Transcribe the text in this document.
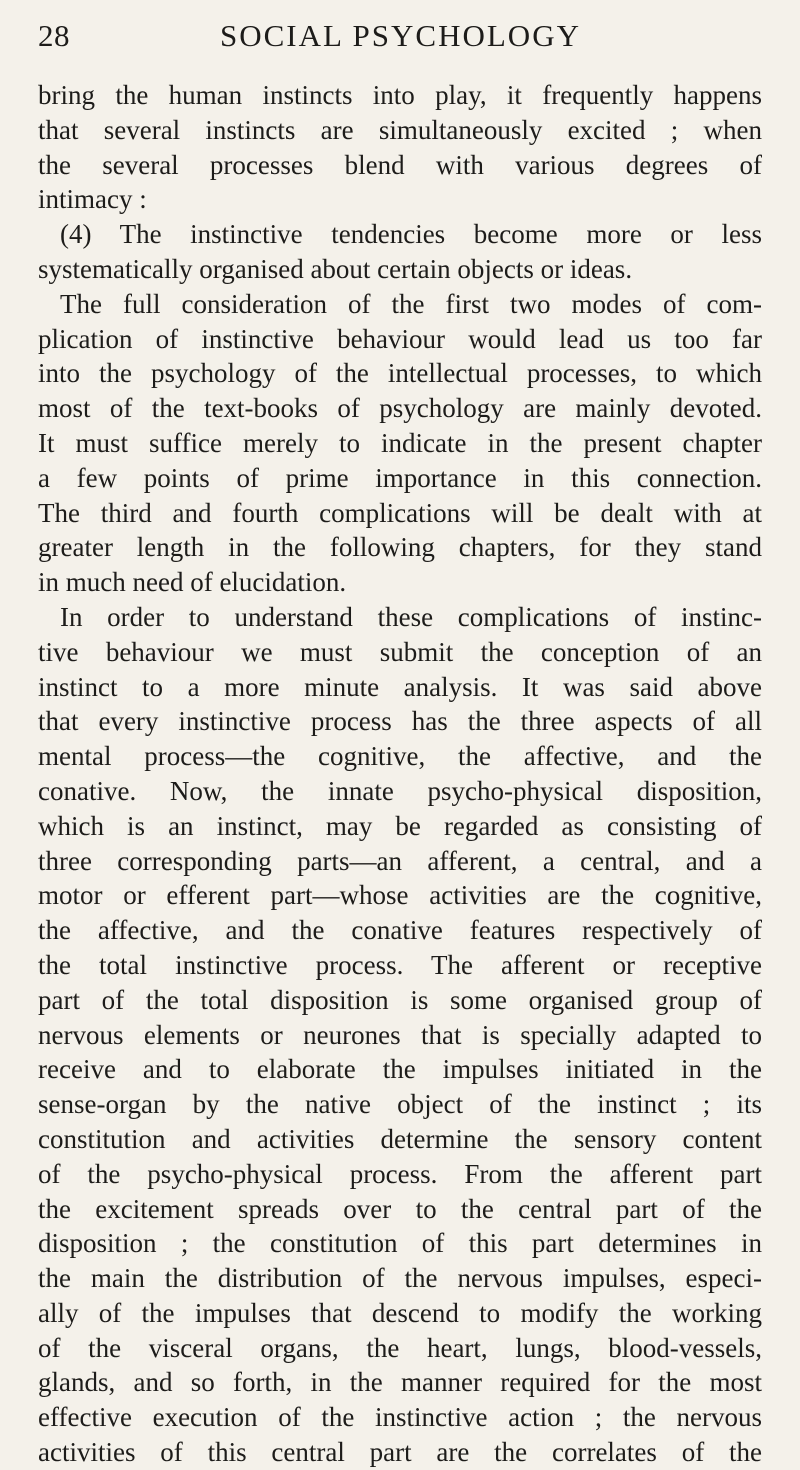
28	SOCIAL PSYCHOLOGY
bring the human instincts into play, it frequently happens
that several instincts are simultaneously excited ; when
the several processes blend with various degrees of
intimacy :
(4) The instinctive tendencies become more or less
systematically organised about certain objects or ideas.
The full consideration of the first two modes of com-
plication of instinctive behaviour would lead us too far
into the psychology of the intellectual processes, to which
most of the text-books of psychology are mainly devoted.
It must suffice merely to indicate in the present chapter
a few points of prime importance in this connection.
The third and fourth complications will be dealt with at
greater length in the following chapters, for they stand
in much need of elucidation.
In order to understand these complications of instinc-
tive behaviour we must submit the conception of an
instinct to a more minute analysis. It was said above
that every instinctive process has the three aspects of all
mental process—the cognitive, the affective, and the
conative. Now, the innate psycho-physical disposition,
which is an instinct, may be regarded as consisting of
three corresponding parts—an afferent, a central, and a
motor or efferent part—whose activities are the cognitive,
the affective, and the conative features respectively of
the total instinctive process. The afferent or receptive
part of the total disposition is some organised group of
nervous elements or neurones that is specially adapted to
receive and to elaborate the impulses initiated in the
sense-organ by the native object of the instinct ; its
constitution and activities determine the sensory content
of the psycho-physical process. From the afferent part
the excitement spreads over to the central part of the
disposition ; the constitution of this part determines in
the main the distribution of the nervous impulses, especi-
ally of the impulses that descend to modify the working
of the visceral organs, the heart, lungs, blood-vessels,
glands, and so forth, in the manner required for the most
effective execution of the instinctive action ; the nervous
activities of this central part are the correlates of the
